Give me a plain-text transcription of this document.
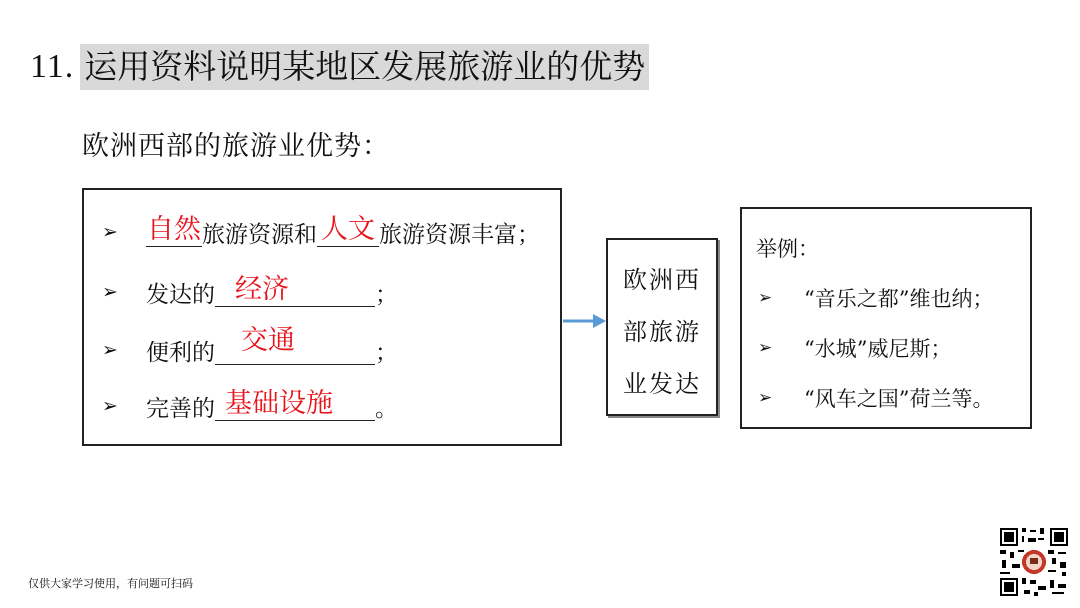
11. 运用资料说明某地区发展旅游业的优势
欧洲西部的旅游业优势：
➢	自然 旅游资源和 人文 旅游资源丰富；
➢	发达的 经济	；
➢	便利的 交通	；
➢	完善的 基础设施	。
欧洲西
部旅游
业发达
举例：
➢	“音乐之都”维也纳；
➢	“水城”威尼斯；
➢	“风车之国”荷兰等。
仅供大家学习使用，有问题可扫码
